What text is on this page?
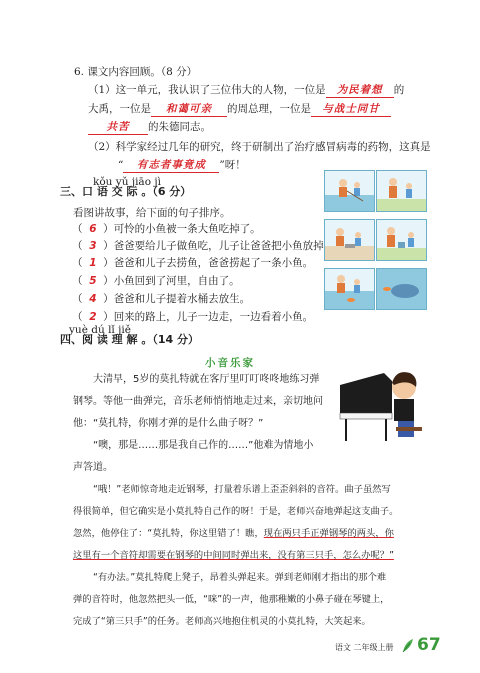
6. 课文内容回顾。（8 分）
（1）这一单元，我认识了三位伟大的人物，一位是 为民着想 的
大禹，一位是 和蔼可亲 的周总理，一位是 与战士同甘
共苦 的朱德同志。
（2）科学家经过几年的研究，终于研制出了治疗感冒病毒的药物，这真是
“ 有志者事竟成 ”呀！
kǒu yǔ jiāo jì
三、口 语 交 际 。（6 分）
看图讲故事，给下面的句子排序。
（  6  ）可怜的小鱼被一条大鱼吃掉了。
（  3  ）爸爸要给儿子做鱼吃，儿子让爸爸把小鱼放掉
（  1  ）爸爸和儿子去捞鱼，爸爸捞起了一条小鱼。
（  5  ）小鱼回到了河里，自由了。
（  4  ）爸爸和儿子提着水桶去放生。
（  2  ）回来的路上，儿子一边走，一边看着小鱼。
yuè dú lǐ jiě
四、阅 读 理 解 。（14 分）
小音乐家
大清早，5岁的莫扎特就在客厅里叮叮咚咚地练习弹
钢琴。等他一曲弹完，音乐老师悄悄地走过来，亲切地问
他：“莫扎特，你刚才弹的是什么曲子呀？”
“噢，那是……那是我自己作的……”他难为情地小
声答道。
“哦！”老师惊奇地走近钢琴，打量着乐谱上歪歪斜斜的音符。曲子虽然写
得很简单，但它确实是小莫扎特自己作的呀！于是，老师兴奋地弹起这支曲子。
忽然，他停住了：“莫扎特，你这里错了！瞧，现在两只手正弹钢琴的两头，你
这里有一个音符却需要在钢琴的中间同时弹出来，没有第三只手，怎么办呢？”
“有办法。”莫扎特爬上凳子，昂着头弹起来。弹到老师刚才指出的那个难
弹的音符时，他忽然把头一低，“咪”的一声，他那稚嫩的小鼻子碰在琴键上，
完成了“第三只手”的任务。老师高兴地抱住机灵的小莫扎特，大笑起来。
语文 二年级上册 67
